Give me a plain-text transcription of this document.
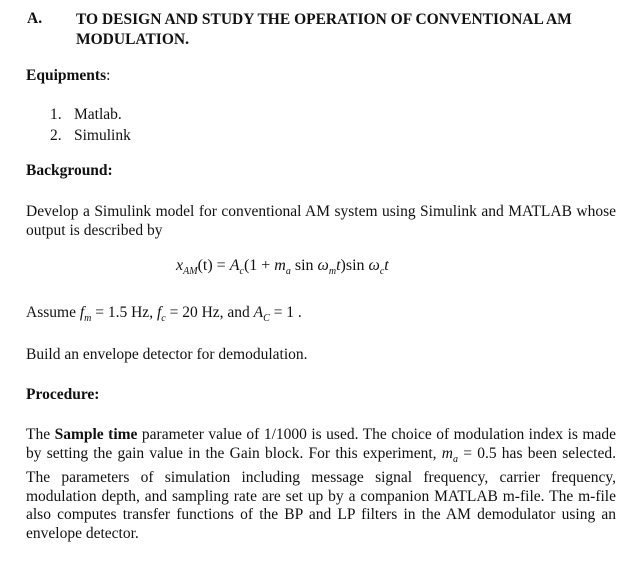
A. TO DESIGN AND STUDY THE OPERATION OF CONVENTIONAL AM MODULATION.
Equipments:
1. Matlab.
2. Simulink
Background:
Develop a Simulink model for conventional AM system using Simulink and MATLAB whose output is described by
$x_{AM}(t) = A_c(1 + m_a$ $\sin \omega_mt)\sin$ $\omega_ct$
Assume $f_m = 1.5$ Hz, $f_c = 20$ Hz, and $A_C = 1$ .
Build an envelope detector for demodulation.
Procedure:
The Sample time parameter value of 1/1000 is used. The choice of modulation index is made by setting the gain value in the Gain block. For this experiment, $m_a = 0.5$ has been selected. The parameters of simulation including message signal frequency, carrier frequency, modulation depth, and sampling rate are set up by a companion MATLAB m-file. The m-file also computes transfer functions of the BP and LP filters in the AM demodulator using an envelope detector.
